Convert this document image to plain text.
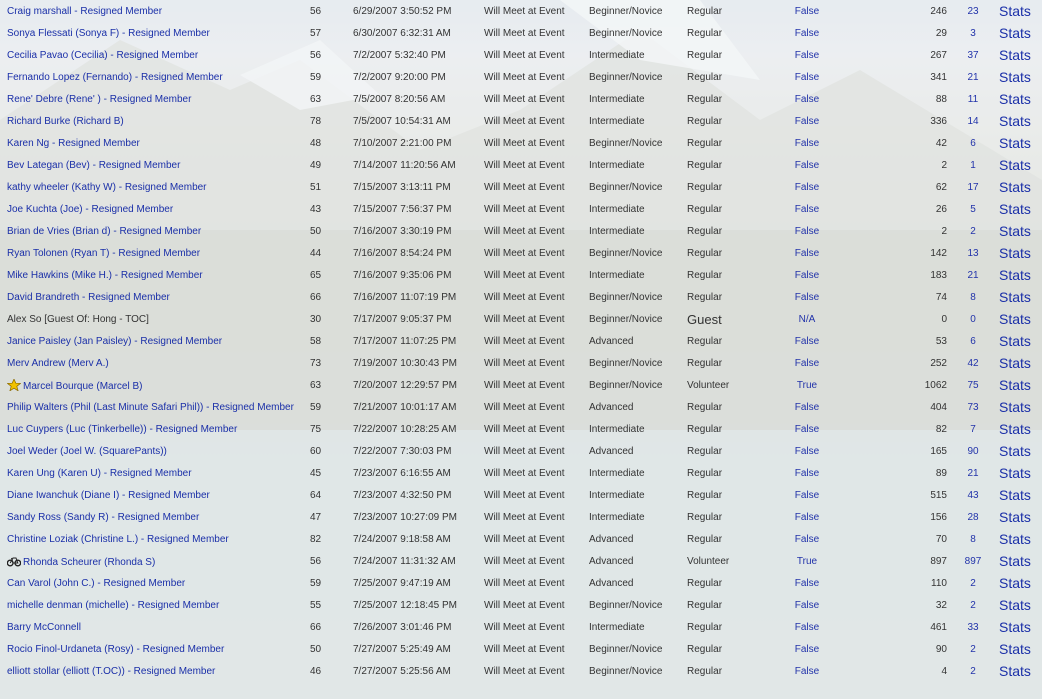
Craig marshall - Resigned Member	56	6/29/2007 3:50:52 PM	Will Meet at Event	Beginner/Novice	Regular	False	246	23	Stats
Sonya Flessati (Sonya F) - Resigned Member	57	6/30/2007 6:32:31 AM	Will Meet at Event	Beginner/Novice	Regular	False	29	3	Stats
Cecilia Pavao (Cecilia) - Resigned Member	56	7/2/2007 5:32:40 PM	Will Meet at Event	Intermediate	Regular	False	267	37	Stats
Fernando Lopez (Fernando) - Resigned Member	59	7/2/2007 9:20:00 PM	Will Meet at Event	Beginner/Novice	Regular	False	341	21	Stats
Rene' Debre (Rene' ) - Resigned Member	63	7/5/2007 8:20:56 AM	Will Meet at Event	Intermediate	Regular	False	88	11	Stats
Richard Burke (Richard B)	78	7/5/2007 10:54:31 AM	Will Meet at Event	Intermediate	Regular	False	336	14	Stats
Karen Ng - Resigned Member	48	7/10/2007 2:21:00 PM	Will Meet at Event	Beginner/Novice	Regular	False	42	6	Stats
Bev Lategan (Bev) - Resigned Member	49	7/14/2007 11:20:56 AM	Will Meet at Event	Intermediate	Regular	False	2	1	Stats
kathy wheeler (Kathy W) - Resigned Member	51	7/15/2007 3:13:11 PM	Will Meet at Event	Beginner/Novice	Regular	False	62	17	Stats
Joe Kuchta (Joe) - Resigned Member	43	7/15/2007 7:56:37 PM	Will Meet at Event	Intermediate	Regular	False	26	5	Stats
Brian de Vries (Brian d) - Resigned Member	50	7/16/2007 3:30:19 PM	Will Meet at Event	Intermediate	Regular	False	2	2	Stats
Ryan Tolonen (Ryan T) - Resigned Member	44	7/16/2007 8:54:24 PM	Will Meet at Event	Beginner/Novice	Regular	False	142	13	Stats
Mike Hawkins (Mike H.) - Resigned Member	65	7/16/2007 9:35:06 PM	Will Meet at Event	Intermediate	Regular	False	183	21	Stats
David Brandreth - Resigned Member	66	7/16/2007 11:07:19 PM	Will Meet at Event	Beginner/Novice	Regular	False	74	8	Stats
Alex So [Guest Of: Hong - TOC]	30	7/17/2007 9:05:37 PM	Will Meet at Event	Beginner/Novice	Guest	N/A	0	0	Stats
Janice Paisley (Jan Paisley) - Resigned Member	58	7/17/2007 11:07:25 PM	Will Meet at Event	Advanced	Regular	False	53	6	Stats
Merv Andrew (Merv A.)	73	7/19/2007 10:30:43 PM	Will Meet at Event	Beginner/Novice	Regular	False	252	42	Stats
Marcel Bourque (Marcel B)	63	7/20/2007 12:29:57 PM	Will Meet at Event	Beginner/Novice	Volunteer	True	1062	75	Stats
Philip Walters (Phil (Last Minute Safari Phil)) - Resigned Member	59	7/21/2007 10:01:17 AM	Will Meet at Event	Advanced	Regular	False	404	73	Stats
Luc Cuypers (Luc (Tinkerbelle)) - Resigned Member	75	7/22/2007 10:28:25 AM	Will Meet at Event	Intermediate	Regular	False	82	7	Stats
Joel Weder (Joel W. (SquarePants))	60	7/22/2007 7:30:03 PM	Will Meet at Event	Advanced	Regular	False	165	90	Stats
Karen Ung (Karen U) - Resigned Member	45	7/23/2007 6:16:55 AM	Will Meet at Event	Intermediate	Regular	False	89	21	Stats
Diane Iwanchuk (Diane I) - Resigned Member	64	7/23/2007 4:32:50 PM	Will Meet at Event	Intermediate	Regular	False	515	43	Stats
Sandy Ross (Sandy R) - Resigned Member	47	7/23/2007 10:27:09 PM	Will Meet at Event	Intermediate	Regular	False	156	28	Stats
Christine Loziak (Christine L.) - Resigned Member	82	7/24/2007 9:18:58 AM	Will Meet at Event	Advanced	Regular	False	70	8	Stats
Rhonda Scheurer (Rhonda S)	56	7/24/2007 11:31:32 AM	Will Meet at Event	Advanced	Volunteer	True	897	897	Stats
Can Varol (John C.) - Resigned Member	59	7/25/2007 9:47:19 AM	Will Meet at Event	Advanced	Regular	False	110	2	Stats
michelle denman (michelle) - Resigned Member	55	7/25/2007 12:18:45 PM	Will Meet at Event	Beginner/Novice	Regular	False	32	2	Stats
Barry McConnell	66	7/26/2007 3:01:46 PM	Will Meet at Event	Intermediate	Regular	False	461	33	Stats
Rocio Finol-Urdaneta (Rosy) - Resigned Member	50	7/27/2007 5:25:49 AM	Will Meet at Event	Beginner/Novice	Regular	False	90	2	Stats
elliott stollar (elliott (T.OC)) - Resigned Member	46	7/27/2007 5:25:56 AM	Will Meet at Event	Beginner/Novice	Regular	False	4	2	Stats
